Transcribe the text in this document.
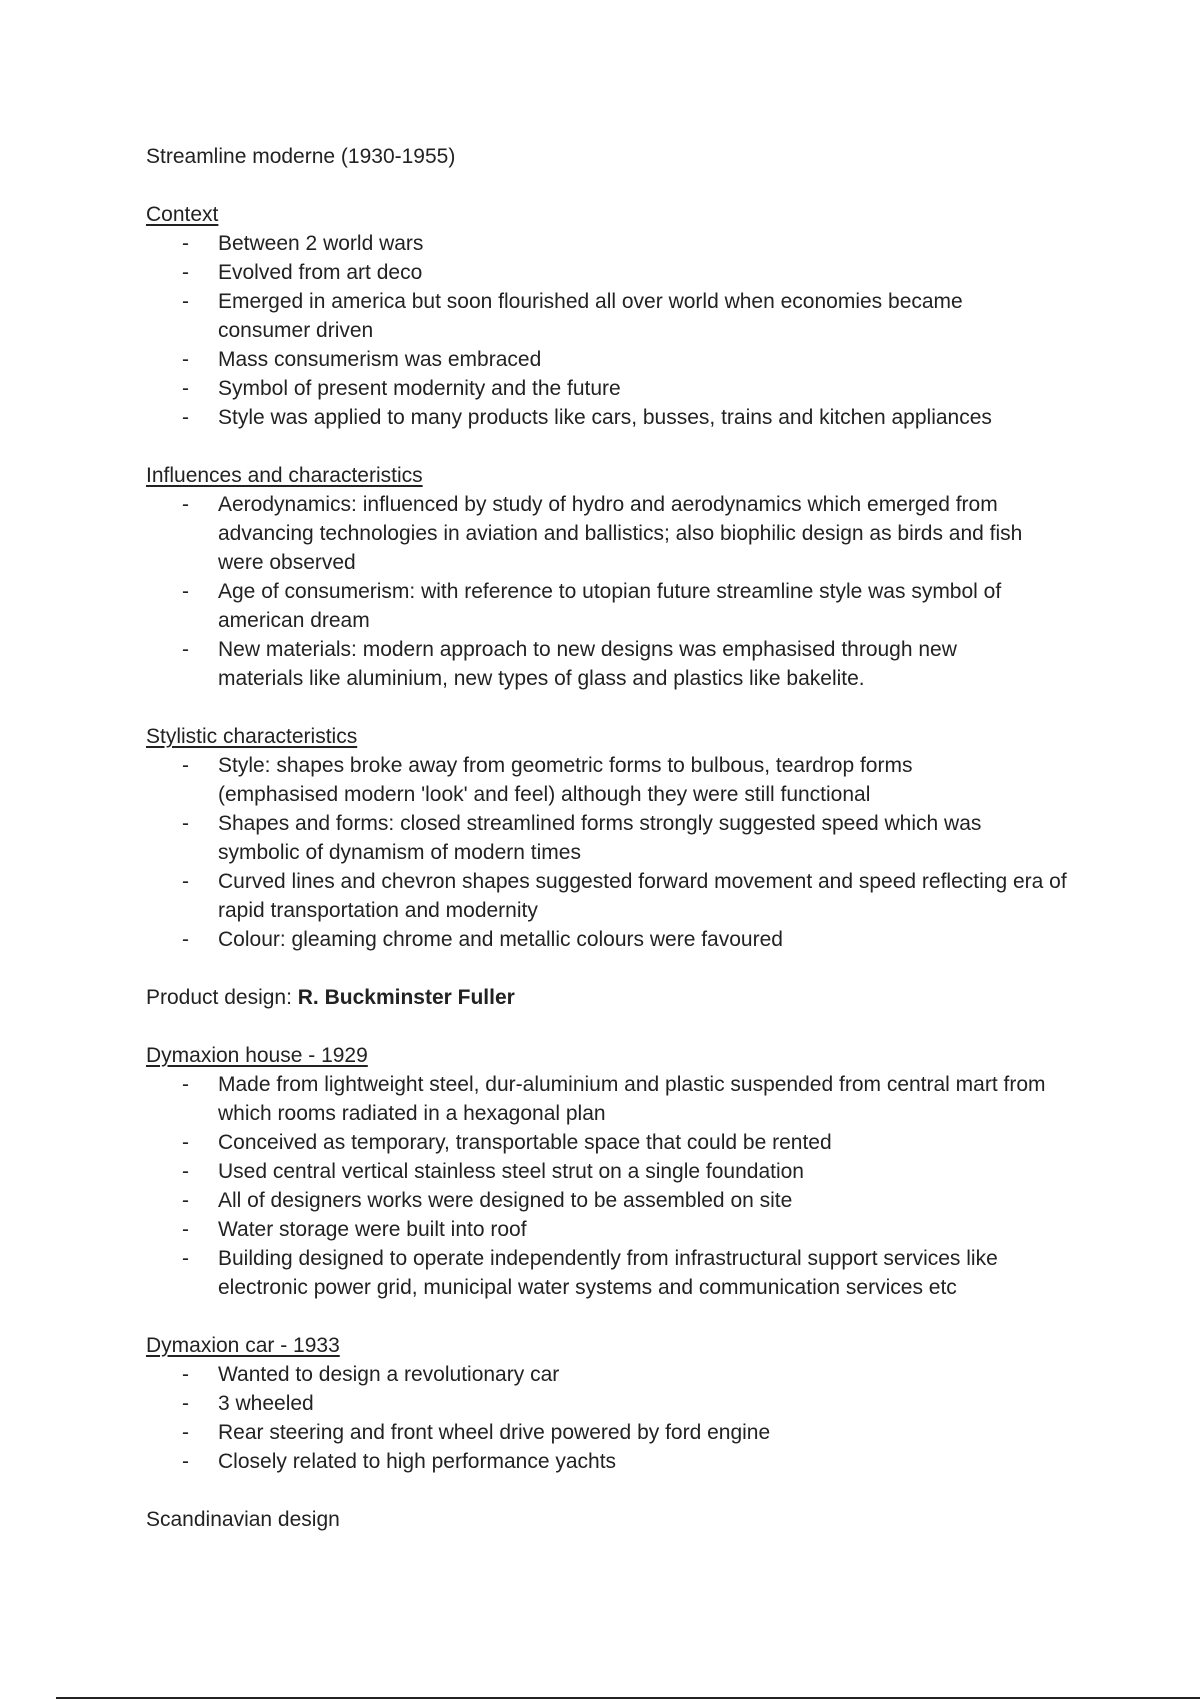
Streamline moderne (1930-1955)

Context

- Between 2 world wars
- Evolved from art deco
- Emerged in america but soon flourished all over world when economies became consumer driven
- Mass consumerism was embraced
- Symbol of present modernity and the future
- Style was applied to many products like cars, busses, trains and kitchen appliances

Influences and characteristics

- Aerodynamics: influenced by study of hydro and aerodynamics which emerged from advancing technologies in aviation and ballistics; also biophilic design as birds and fish were observed
- Age of consumerism: with reference to utopian future streamline style was symbol of american dream
- New materials: modern approach to new designs was emphasised through new materials like aluminium, new types of glass and plastics like bakelite.

Stylistic characteristics

- Style: shapes broke away from geometric forms to bulbous, teardrop forms (emphasised modern 'look' and feel) although they were still functional
- Shapes and forms: closed streamlined forms strongly suggested speed which was symbolic of dynamism of modern times
- Curved lines and chevron shapes suggested forward movement and speed reflecting era of rapid transportation and modernity
- Colour: gleaming chrome and metallic colours were favoured

Product design: R. Buckminster Fuller

Dymaxion house - 1929

- Made from lightweight steel, dur-aluminium and plastic suspended from central mart from which rooms radiated in a hexagonal plan
- Conceived as temporary, transportable space that could be rented
- Used central vertical stainless steel strut on a single foundation
- All of designers works were designed to be assembled on site
- Water storage were built into roof
- Building designed to operate independently from infrastructural support services like electronic power grid, municipal water systems and communication services etc

Dymaxion car - 1933

- Wanted to design a revolutionary car
- 3 wheeled
- Rear steering and front wheel drive powered by ford engine
- Closely related to high performance yachts

Scandinavian design
